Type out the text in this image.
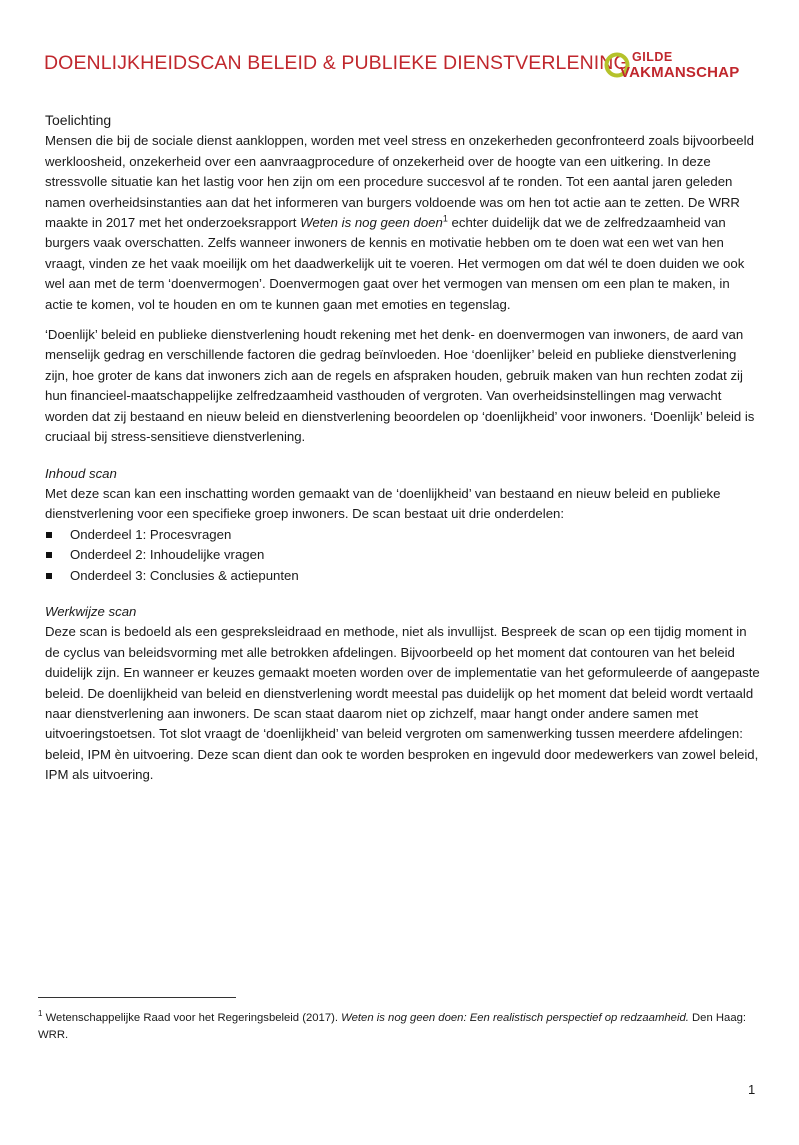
DOENLIJKHEIDSCAN BELEID & PUBLIEKE DIENSTVERLENING GILDE
VAKMANSCHAP
Toelichting

Mensen die bij de sociale dienst aankloppen, worden met veel stress en onzekerheden geconfronteerd zoals bijvoorbeeld werkloosheid, onzekerheid over een aanvraagprocedure of onzekerheid over de hoogte van een uitkering. In deze stressvolle situatie kan het lastig voor hen zijn om een procedure succesvol af te ronden. Tot een aantal jaren geleden namen overheidsinstanties aan dat het informeren van burgers voldoende was om hen tot actie aan te zetten. De WRR maakte in 2017 met het onderzoeksrapport Weten is nog geen doen$^1$ echter duidelijk dat we de zelfredzaamheid van burgers vaak overschatten. Zelfs wanneer inwoners de kennis en motivatie hebben om te doen wat een wet van hen vraagt, vinden ze het vaak moeilijk om het daadwerkelijk uit te voeren. Het vermogen om dat wél te doen duiden we ook wel aan met de term ‘doenvermogen’. Doenvermogen gaat over het vermogen van mensen om een plan te maken, in actie te komen, vol te houden en om te kunnen gaan met emoties en tegenslag.

‘Doenlijk’ beleid en publieke dienstverlening houdt rekening met het denk- en doenvermogen van inwoners, de aard van menselijk gedrag en verschillende factoren die gedrag beïnvloeden. Hoe ‘doenlijker’ beleid en publieke dienstverlening zijn, hoe groter de kans dat inwoners zich aan de regels en afspraken houden, gebruik maken van hun rechten zodat zij hun financieel-maatschappelijke zelfredzaamheid vasthouden of vergroten. Van overheidsinstellingen mag verwacht worden dat zij bestaand en nieuw beleid en dienstverlening beoordelen op ‘doenlijkheid’ voor inwoners. ‘Doenlijk’ beleid is cruciaal bij stress-sensitieve dienstverlening.

Inhoud scan

Met deze scan kan een inschatting worden gemaakt van de ‘doenlijkheid’ van bestaand en nieuw beleid en publieke dienstverlening voor een specifieke groep inwoners. De scan bestaat uit drie onderdelen:

Onderdeel 1: Procesvragen
Onderdeel 2: Inhoudelijke vragen
Onderdeel 3: Conclusies & actiepunten

Werkwijze scan

Deze scan is bedoeld als een gespreksleidraad en methode, niet als invullijst. Bespreek de scan op een tijdig moment in de cyclus van beleidsvorming met alle betrokken afdelingen. Bijvoorbeeld op het moment dat contouren van het beleid duidelijk zijn. En wanneer er keuzes gemaakt moeten worden over de implementatie van het geformuleerde of aangepaste beleid. De doenlijkheid van beleid en dienstverlening wordt meestal pas duidelijk op het moment dat beleid wordt vertaald naar dienstverlening aan inwoners. De scan staat daarom niet op zichzelf, maar hangt onder andere samen met uitvoeringstoetsen. Tot slot vraagt de ‘doenlijkheid’ van beleid vergroten om samenwerking tussen meerdere afdelingen: beleid, IPM èn uitvoering. Deze scan dient dan ook te worden besproken en ingevuld door medewerkers van zowel beleid, IPM als uitvoering.

$^1$ Wetenschappelijke Raad voor het Regeringsbeleid (2017). Weten is nog geen doen: Een realistisch perspectief op redzaamheid. Den Haag: WRR.
1
